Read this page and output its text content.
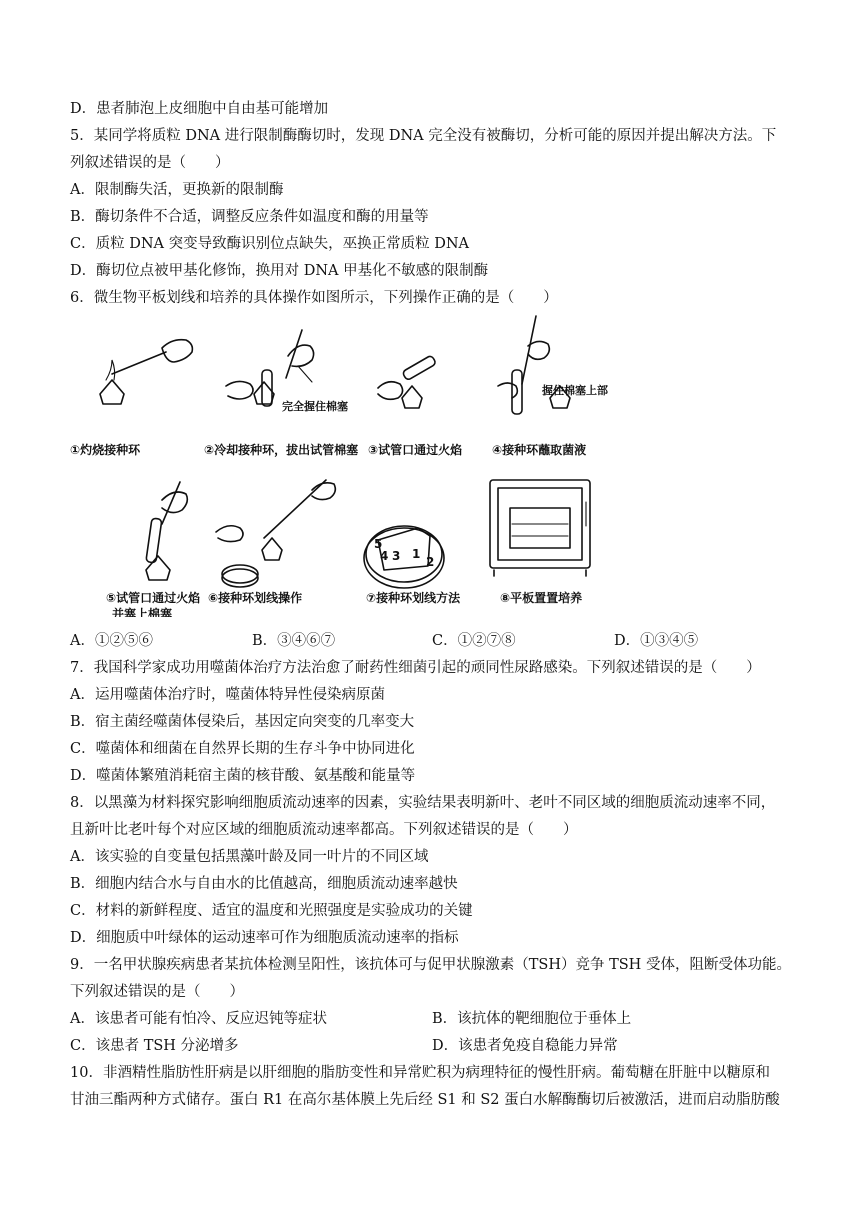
D．患者肺泡上皮细胞中自由基可能增加
5．某同学将质粒 DNA 进行限制酶酶切时，发现 DNA 完全没有被酶切，分析可能的原因并提出解决方法。下
列叙述错误的是（　　）
A．限制酶失活，更换新的限制酶
B．酶切条件不合适，调整反应条件如温度和酶的用量等
C．质粒 DNA 突变导致酶识别位点缺失，巫换正常质粒 DNA
D．酶切位点被甲基化修饰，换用对 DNA 甲基化不敏感的限制酶
6．微生物平板划线和培养的具体操作如图所示，下列操作正确的是（　　）
5
4 3 1
2
完全握住棉塞
握住棉塞上部
①灼烧接种环	②冷却接种环，拔出试管棉塞 ③试管口通过火焰 ④接种环蘸取菌液
⑤试管口通过火焰
并塞上棉塞
⑥接种环划线操作	⑦接种环划线方法	⑧平板置置培养
A．①②⑤⑥	B．③④⑥⑦	C．①②⑦⑧	D．①③④⑤
7．我国科学家成功用噬菌体治疗方法治愈了耐药性细菌引起的顽同性尿路感染。下列叙述错误的是（　　）
A．运用噬菌体治疗时，噬菌体特异性侵染病原菌
B．宿主菌经噬菌体侵染后，基因定向突变的几率变大
C．噬菌体和细菌在自然界长期的生存斗争中协同进化
D．噬菌体繁殖消耗宿主菌的核苷酸、氨基酸和能量等
8．以黑藻为材料探究影响细胞质流动速率的因素，实验结果表明新叶、老叶不同区域的细胞质流动速率不同，
且新叶比老叶每个对应区域的细胞质流动速率都高。下列叙述错误的是（　　）
A．该实验的自变量包括黑藻叶龄及同一叶片的不同区域
B．细胞内结合水与自由水的比值越高，细胞质流动速率越快
C．材料的新鲜程度、适宜的温度和光照强度是实验成功的关键
D．细胞质中叶绿体的运动速率可作为细胞质流动速率的指标
9．一名甲状腺疾病患者某抗体检测呈阳性，该抗体可与促甲状腺激素（TSH）竞争 TSH 受体，阻断受体功能。
下列叙述错误的是（　　）
A．该患者可能有怕冷、反应迟钝等症状	B．该抗体的靶细胞位于垂体上
C．该患者 TSH 分泌增多	D．该患者免疫自稳能力异常
10．非酒精性脂肪性肝病是以肝细胞的脂肪变性和异常贮积为病理特征的慢性肝病。葡萄糖在肝脏中以糖原和
甘油三酯两种方式储存。蛋白 R1 在高尔基体膜上先后经 S1 和 S2 蛋白水解酶酶切后被激活，进而启动脂肪酸
